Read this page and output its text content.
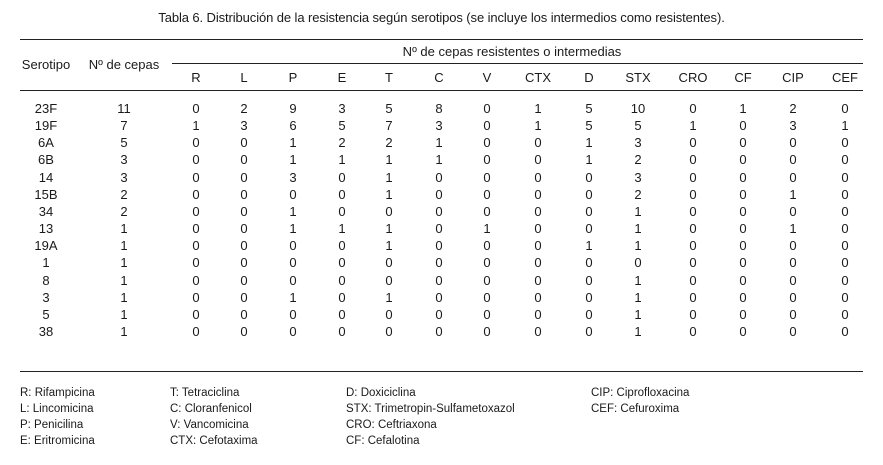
Tabla 6. Distribución de la resistencia según serotipos (se incluye los intermedios como resistentes).
Serotipo Nº de cepas
Nº de cepas resistentes o intermedias
R	L	P	E	T	C	V	CTX	D STX CRO CF CIP CEF
23F	11	0	2	9	3	5	8	0	1	5	10	0	1	2	0
19F	7	1	3	6	5	7	3	0	1	5	5	1	0	3	1
6A	5	0	0	1	2	2	1	0	0	1	3	0	0	0	0
6B	3	0	0	1	1	1	1	0	0	1	2	0	0	0	0
14	3	0	0	3	0	1	0	0	0	0	3	0	0	0	0
15B	2	0	0	0	0	1	0	0	0	0	2	0	0	1	0
34	2	0	0	1	0	0	0	0	0	0	1	0	0	0	0
13	1	0	0	1	1	1	0	1	0	0	1	0	0	1	0
19A	1	0	0	0	0	1	0	0	0	1	1	0	0	0	0
1	1	0	0	0	0	0	0	0	0	0	0	0	0	0	0
8	1	0	0	0	0	0	0	0	0	0	1	0	0	0	0
3	1	0	0	1	0	1	0	0	0	0	1	0	0	0	0
5	1	0	0	0	0	0	0	0	0	0	1	0	0	0	0
38	1	0	0	0	0	0	0	0	0	0	1	0	0	0	0
R: Rifampicina
L: Lincomicina
P: Penicilina
E: Eritromicina
T: Tetraciclina
C: Cloranfenicol
V: Vancomicina
CTX: Cefotaxima
D: Doxiciclina
STX: Trimetropin-Sulfametoxazol
CRO: Ceftriaxona
CF: Cefalotina
CIP: Ciprofloxacina
CEF: Cefuroxima
